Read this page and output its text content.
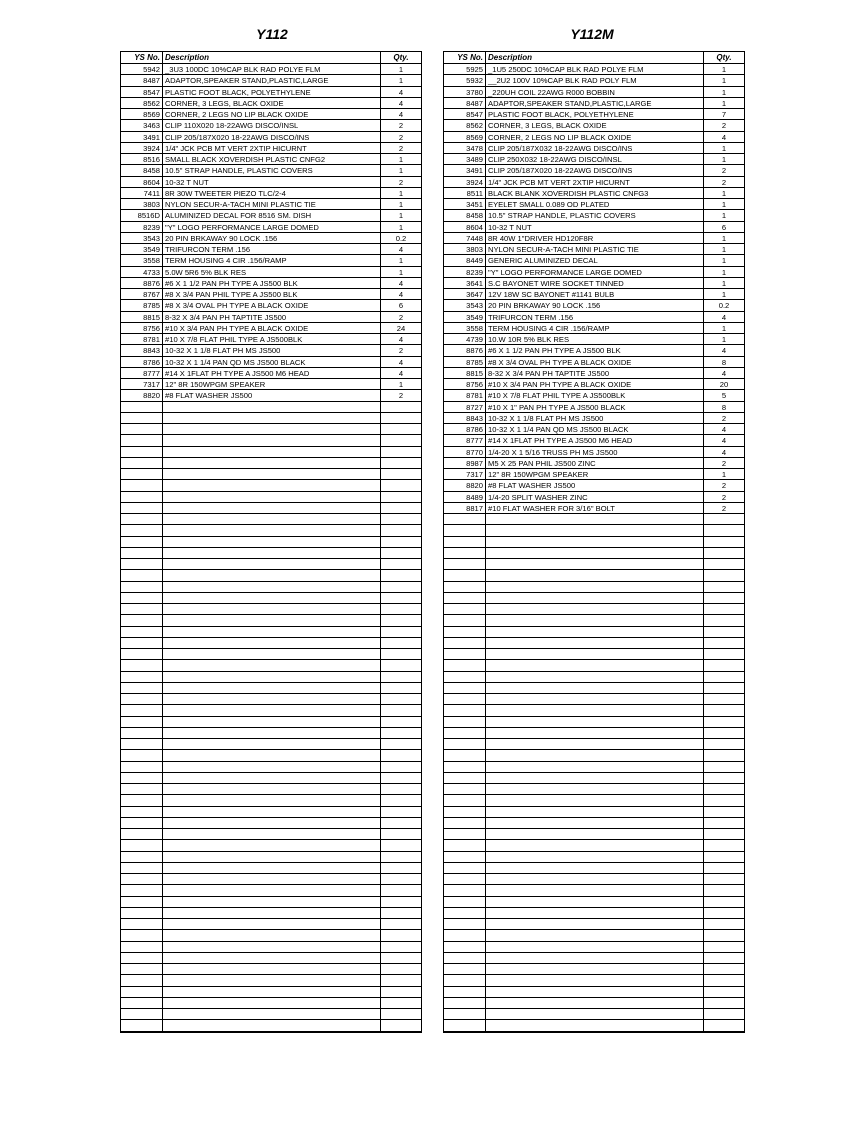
Y112	Y112M
YS No. Description	Qty.
5942 _3U3 100DC 10%CAP BLK RAD POLYE FLM	1
8487 ADAPTOR,SPEAKER STAND,PLASTIC,LARGE	1
8547 PLASTIC FOOT BLACK, POLYETHYLENE	4
8562 CORNER, 3 LEGS, BLACK OXIDE	4
8569 CORNER, 2 LEGS NO LIP BLACK OXIDE	4
3463 CLIP 110X020 18-22AWG DISCO/INSL	2
3491 CLIP 205/187X020 18-22AWG DISCO/INS	2
3924 1/4" JCK PCB MT VERT 2XTIP HICURNT	2
8516 SMALL BLACK XOVERDISH PLASTIC CNFG2	1
8458 10.5" STRAP HANDLE, PLASTIC COVERS	1
8604 10-32 T NUT	2
7411 8R 30W TWEETER PIEZO TLC/2-4	1
3803 NYLON SECUR-A-TACH MINI PLASTIC TIE	1
8516D ALUMINIZED DECAL FOR 8516 SM. DISH	1
8239 "Y" LOGO PERFORMANCE LARGE DOMED	1
3543 20 PIN BRKAWAY 90 LOCK .156	0.2
3549 TRIFURCON TERM .156	4
3558 TERM HOUSING 4 CIR .156/RAMP	1
4733 5.0W 5R6 5% BLK RES	1
8876 #6 X 1 1/2 PAN PH TYPE A JS500 BLK	4
8767 #8 X 3/4 PAN PHIL TYPE A JS500 BLK	4
8785 #8 X 3/4 OVAL PH TYPE A BLACK OXIDE	6
8815 8-32 X 3/4 PAN PH TAPTITE JS500	2
8756 #10 X 3/4 PAN PH TYPE A BLACK OXIDE	24
8781 #10 X 7/8 FLAT PHIL TYPE A JS500BLK	4
8843 10-32 X 1 1/8 FLAT PH MS JS500	2
8786 10-32 X 1 1/4 PAN QD MS JS500 BLACK	4
8777 #14 X 1FLAT PH TYPE A JS500 M6 HEAD	4
7317 12" 8R 150WPGM SPEAKER	1
8820 #8 FLAT WASHER JS500	2
YS No. Description	Qty.
5925 _1U5 250DC 10%CAP BLK RAD POLYE FLM	1
5932 __2U2 100V 10%CAP BLK RAD POLY FLM	1
3780 _220UH COIL 22AWG R000 BOBBIN	1
8487 ADAPTOR,SPEAKER STAND,PLASTIC,LARGE	1
8547 PLASTIC FOOT BLACK, POLYETHYLENE	7
8562 CORNER, 3 LEGS, BLACK OXIDE	2
8569 CORNER, 2 LEGS NO LIP BLACK OXIDE	4
3478 CLIP 205/187X032 18-22AWG DISCO/INS	1
3489 CLIP 250X032 18-22AWG DISCO/INSL	1
3491 CLIP 205/187X020 18-22AWG DISCO/INS	2
3924 1/4" JCK PCB MT VERT 2XTIP HICURNT	2
8511 BLACK BLANK XOVERDISH PLASTIC CNFG3	1
3451 EYELET SMALL 0.089 OD PLATED	1
8458 10.5" STRAP HANDLE, PLASTIC COVERS	1
8604 10-32 T NUT	6
7448 8R 40W 1"DRIVER HD120F8R	1
3803 NYLON SECUR-A-TACH MINI PLASTIC TIE	1
8449 GENERIC ALUMINIZED DECAL	1
8239 "Y" LOGO PERFORMANCE LARGE DOMED	1
3641 S.C BAYONET WIRE SOCKET TINNED	1
3647 12V 18W SC BAYONET #1141 BULB	1
3543 20 PIN BRKAWAY 90 LOCK .156	0.2
3549 TRIFURCON TERM .156	4
3558 TERM HOUSING 4 CIR .156/RAMP	1
4739 10.W 10R 5% BLK RES	1
8876 #6 X 1 1/2 PAN PH TYPE A JS500 BLK	4
8785 #8 X 3/4 OVAL PH TYPE A BLACK OXIDE	8
8815 8-32 X 3/4 PAN PH TAPTITE JS500	4
8756 #10 X 3/4 PAN PH TYPE A BLACK OXIDE	20
8781 #10 X 7/8 FLAT PHIL TYPE A JS500BLK	5
8727 #10 X 1" PAN PH TYPE A JS500 BLACK	8
8843 10-32 X 1 1/8 FLAT PH MS JS500	2
8786 10-32 X 1 1/4 PAN QD MS JS500 BLACK	4
8777 #14 X 1FLAT PH TYPE A JS500 M6 HEAD	4
8770 1/4-20 X 1 5/16 TRUSS PH MS JS500	4
8987 M5 X 25 PAN PHIL JS500 ZINC	2
7317 12" 8R 150WPGM SPEAKER	1
8820 #8 FLAT WASHER JS500	2
8489 1/4-20 SPLIT WASHER ZINC	2
8817 #10 FLAT WASHER FOR 3/16" BOLT	2
